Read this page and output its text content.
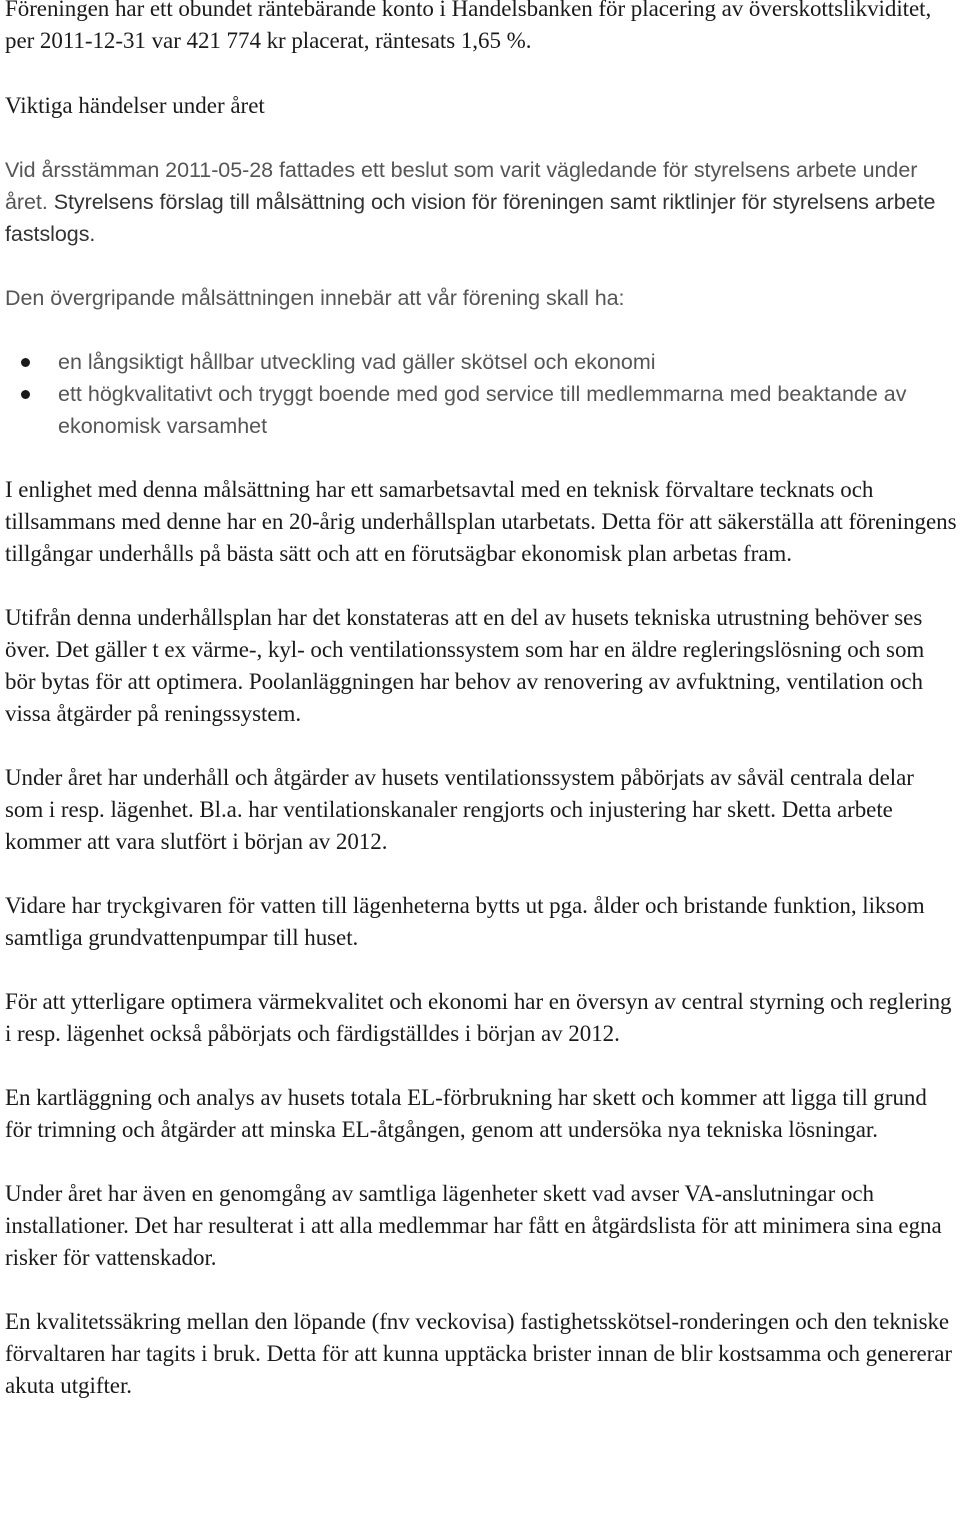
Föreningen har ett obundet räntebärande konto i Handelsbanken för placering av överskottslikviditet, per 2011-12-31 var 421 774 kr placerat, räntesats 1,65 %.

Viktiga händelser under året

Vid årsstämman 2011-05-28 fattades ett beslut som varit vägledande för styrelsens arbete under året. Styrelsens förslag till målsättning och vision för föreningen samt riktlinjer för styrelsens arbete fastslogs.

Den övergripande målsättningen innebär att vår förening skall ha:

en långsiktigt hållbar utveckling vad gäller skötsel och ekonomi
ett högkvalitativt och tryggt boende med god service till medlemmarna med beaktande av ekonomisk varsamhet

I enlighet med denna målsättning har ett samarbetsavtal med en teknisk förvaltare tecknats och tillsammans med denne har en 20-årig underhållsplan utarbetats. Detta för att säkerställa att föreningens tillgångar underhålls på bästa sätt och att en förutsägbar ekonomisk plan arbetas fram.

Utifrån denna underhållsplan har det konstateras att en del av husets tekniska utrustning behöver ses över. Det gäller t ex värme-, kyl- och ventilationssystem som har en äldre regleringslösning och som bör bytas för att optimera. Poolanläggningen har behov av renovering av avfuktning, ventilation och vissa åtgärder på reningssystem.

Under året har underhåll och åtgärder av husets ventilationssystem påbörjats av såväl centrala delar som i resp. lägenhet. Bl.a. har ventilationskanaler rengjorts och injustering har skett. Detta arbete kommer att vara slutfört i början av 2012.

Vidare har tryckgivaren för vatten till lägenheterna bytts ut pga. ålder och bristande funktion, liksom samtliga grundvattenpumpar till huset.

För att ytterligare optimera värmekvalitet och ekonomi har en översyn av central styrning och reglering i resp. lägenhet också påbörjats och färdigställdes i början av 2012.

En kartläggning och analys av husets totala EL-förbrukning har skett och kommer att ligga till grund för trimning och åtgärder att minska EL-åtgången, genom att undersöka nya tekniska lösningar.

Under året har även en genomgång av samtliga lägenheter skett vad avser VA-anslutningar och installationer. Det har resulterat i att alla medlemmar har fått en åtgärdslista för att minimera sina egna risker för vattenskador.

En kvalitetssäkring mellan den löpande (fnv veckovisa) fastighetsskötsel-ronderingen och den tekniske förvaltaren har tagits i bruk. Detta för att kunna upptäcka brister innan de blir kostsamma och genererar akuta utgifter.
